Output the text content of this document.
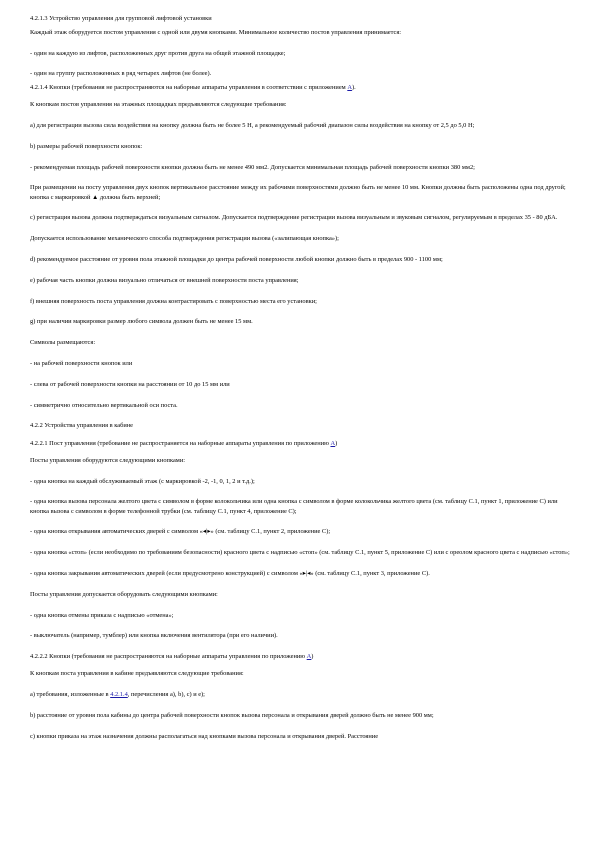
4.2.1.3 Устройство управления для групповой лифтовой установки

Каждый этаж оборудуется постом управления с одной или двумя кнопками. Минимальное количество постов управления принимается:

- один на каждую из лифтов, расположенных друг против друга на общей этажной площадке;

- один на группу расположенных в ряд четырех лифтов (не более).

4.2.1.4 Кнопки (требования не распространяются на наборные аппараты управления в соответствии с приложением А).

К кнопкам постов управления на этажных площадках предъявляются следующие требования:

a) для регистрации вызова сила воздействия на кнопку должна быть не более 5 Н, а рекомендуемый рабочий диапазон силы воздействия на кнопку от 2,5 до 5,0 Н;

b) размеры рабочей поверхности кнопок:

- рекомендуемая площадь рабочей поверхности кнопки должна быть не менее 490 мм2. Допускается минимальная площадь рабочей поверхности кнопки 380 мм2;

При размещении на посту управления двух кнопок вертикальное расстояние между их рабочими поверхностями должно быть не менее 10 мм. Кнопки должны быть расположены одна под другой; кнопка с маркировкой ▲ должна быть верхней;

c) регистрация вызова должна подтверждаться визуальным сигналом. Допускается подтверждение регистрации вызова визуальным и звуковым сигналом, регулируемым в пределах 35 - 80 дБА.

Допускается использование механического способа подтверждения регистрации вызова («залипающая кнопка»);

d) рекомендуемое расстояние от уровня пола этажной площадки до центра рабочей поверхности любой кнопки должно быть в пределах 900 - 1100 мм;

e) рабочая часть кнопки должна визуально отличаться от внешней поверхности поста управления;

f) внешняя поверхность поста управления должна контрастировать с поверхностью места его установки;

g) при наличии маркировки размер любого символа должен быть не менее 15 мм.

Символы размещаются:

- на рабочей поверхности кнопок или

- слева от рабочей поверхности кнопки на расстоянии от 10 до 15 мм или

- симметрично относительно вертикальной оси поста.

4.2.2 Устройства управления в кабине

4.2.2.1 Пост управления (требование не распространяется на наборные аппараты управления по приложению А)

Посты управления оборудуются следующими кнопками:

- одна кнопка на каждый обслуживаемый этаж (с маркировкой -2, -1, 0, 1, 2 и т.д.);

- одна кнопка вызова персонала желтого цвета с символом в форме колокольчика или одна кнопка с символом в форме колокольчика желтого цвета (см. таблицу С.1, пункт 1, приложение С) или кнопка вызова с символом в форме телефонной трубки (см. таблицу С.1, пункт 4, приложение С);

- одна кнопка открывания автоматических дверей с символом «◂|▸» (см. таблицу С.1, пункт 2, приложение С);

- одна кнопка «стоп» (если необходимо по требованиям безопасности) красного цвета с надписью «стоп» (см. таблицу С.1, пункт 5, приложение С) или с ореолом красного цвета с надписью «стоп»;

- одна кнопка закрывания автоматических дверей (если предусмотрено конструкцией) с символом «▸|◂» (см. таблицу С.1, пункт 3, приложение С).

Посты управления допускается оборудовать следующими кнопками:

- одна кнопка отмены приказа с надписью «отмена»;

- выключатель (например, тумблер) или кнопка включения вентилятора (при его наличии).

4.2.2.2 Кнопки (требования не распространяются на наборные аппараты управления по приложению А)

К кнопкам поста управления в кабине предъявляются следующие требования:

a) требования, изложенные в 4.2.1.4, перечисления a), b), c) и e);

b) расстояние от уровня пола кабины до центра рабочей поверхности кнопок вызова персонала и открывания дверей должно быть не менее 900 мм;

c) кнопки приказа на этаж назначения должны располагаться над кнопками вызова персонала и открывания дверей. Расстояние
